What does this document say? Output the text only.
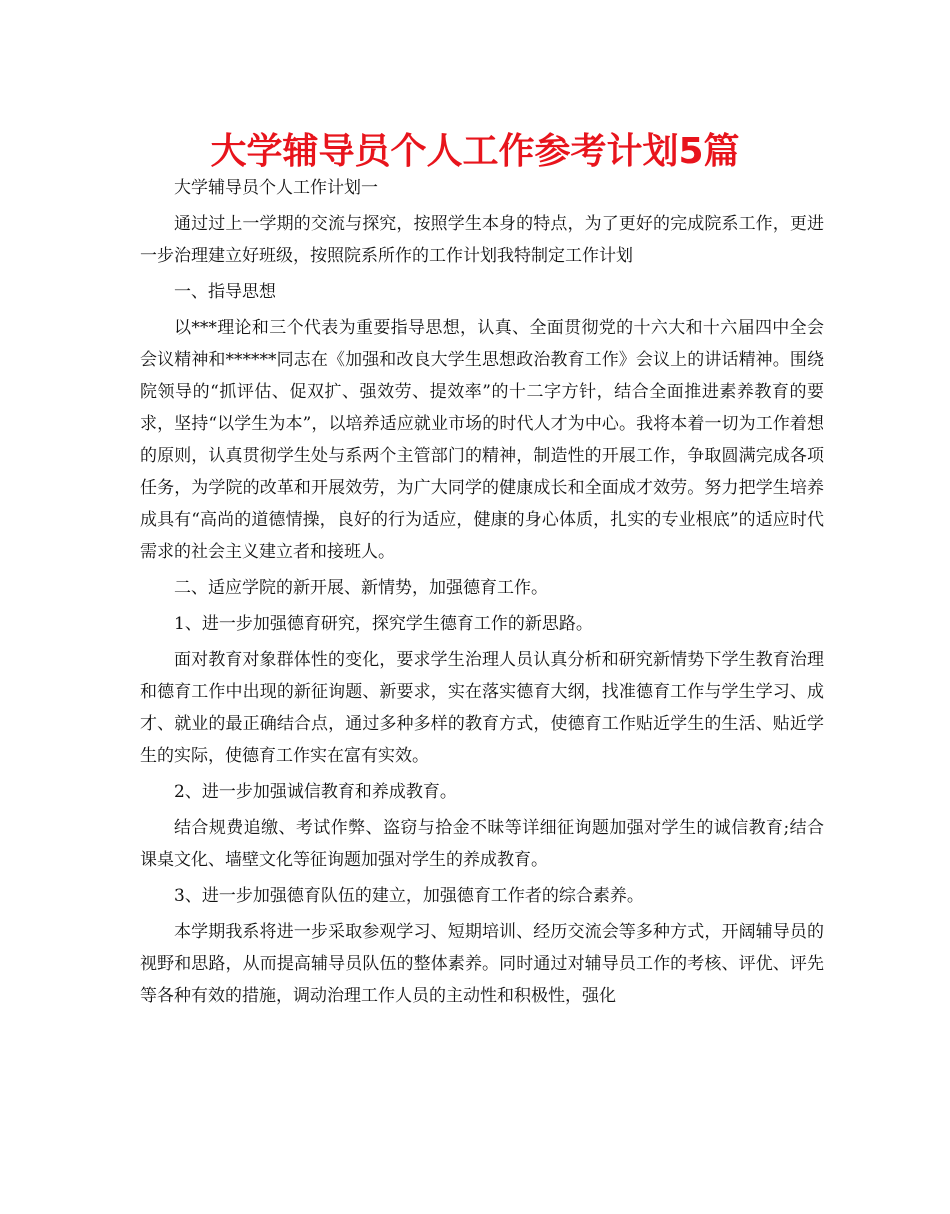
大学辅导员个人工作参考计划5篇

大学辅导员个人工作计划一

通过过上一学期的交流与探究，按照学生本身的特点，为了更好的完成院系工作，更进一步治理建立好班级，按照院系所作的工作计划我特制定工作计划

一、指导思想

以***理论和三个代表为重要指导思想，认真、全面贯彻党的十六大和十六届四中全会会议精神和******同志在《加强和改良大学生思想政治教育工作》会议上的讲话精神。围绕院领导的“抓评估、促双扩、强效劳、提效率”的十二字方针，结合全面推进素养教育的要求，坚持“以学生为本”，以培养适应就业市场的时代人才为中心。我将本着一切为工作着想的原则，认真贯彻学生处与系两个主管部门的精神，制造性的开展工作，争取圆满完成各项任务，为学院的改革和开展效劳，为广大同学的健康成长和全面成才效劳。努力把学生培养成具有“高尚的道德情操，良好的行为适应，健康的身心体质，扎实的专业根底”的适应时代需求的社会主义建立者和接班人。

二、适应学院的新开展、新情势，加强德育工作。

1、进一步加强德育研究，探究学生德育工作的新思路。

面对教育对象群体性的变化，要求学生治理人员认真分析和研究新情势下学生教育治理和德育工作中出现的新征询题、新要求，实在落实德育大纲，找准德育工作与学生学习、成才、就业的最正确结合点，通过多种多样的教育方式，使德育工作贴近学生的生活、贴近学生的实际，使德育工作实在富有实效。

2、进一步加强诚信教育和养成教育。

结合规费追缴、考试作弊、盗窃与拾金不昧等详细征询题加强对学生的诚信教育;结合课桌文化、墙壁文化等征询题加强对学生的养成教育。

3、进一步加强德育队伍的建立，加强德育工作者的综合素养。

本学期我系将进一步采取参观学习、短期培训、经历交流会等多种方式，开阔辅导员的视野和思路，从而提高辅导员队伍的整体素养。同时通过对辅导员工作的考核、评优、评先等各种有效的措施，调动治理工作人员的主动性和积极性，强化
